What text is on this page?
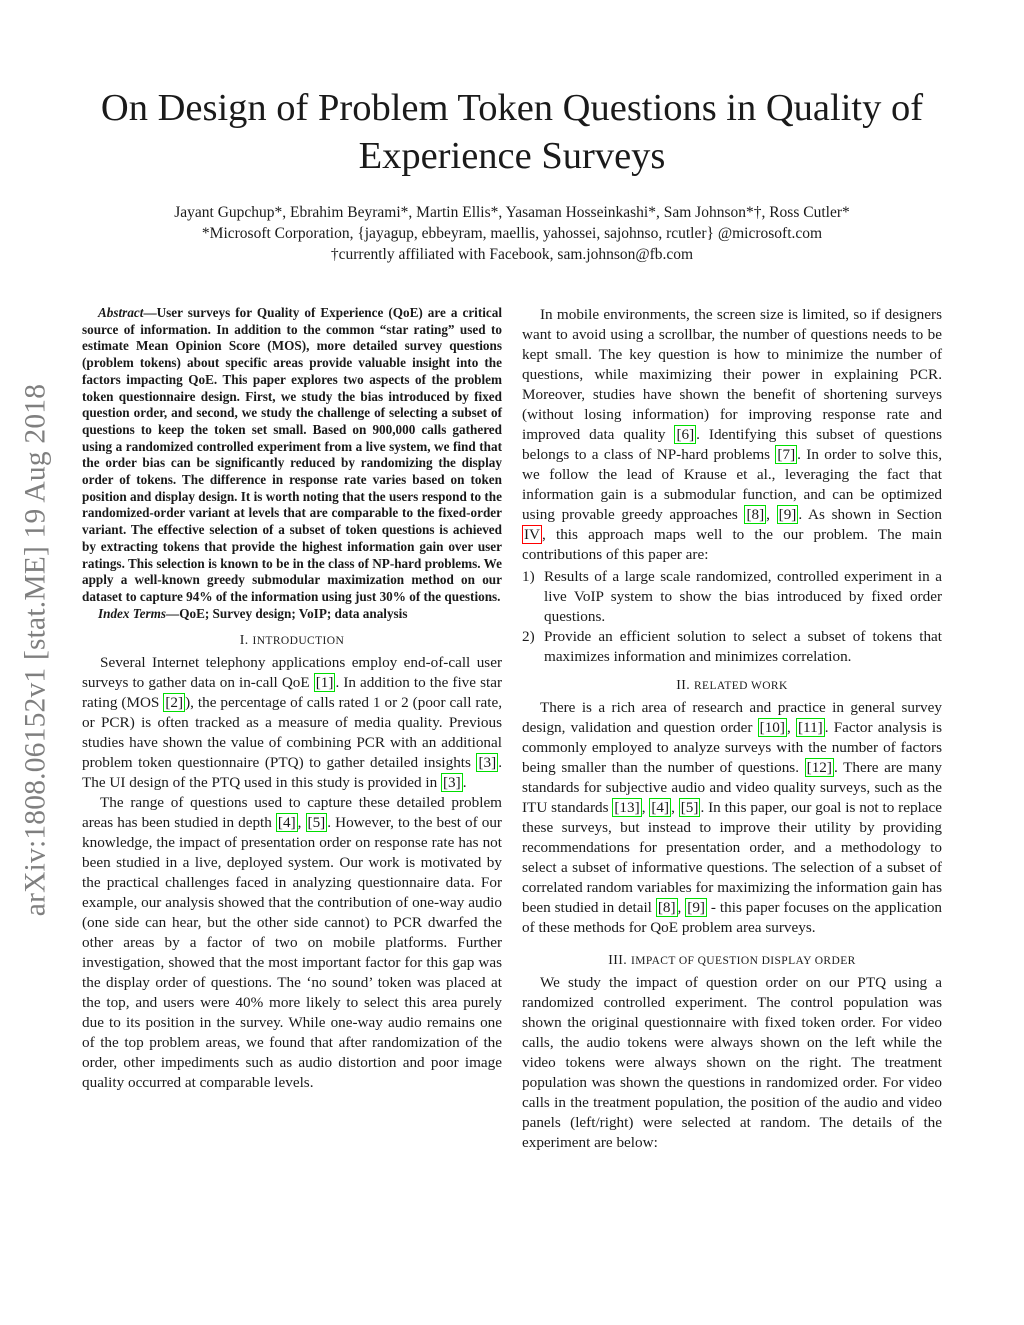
On Design of Problem Token Questions in Quality of Experience Surveys
Jayant Gupchup*, Ebrahim Beyrami*, Martin Ellis*, Yasaman Hosseinkashi*, Sam Johnson*†, Ross Cutler*
*Microsoft Corporation, {jayagup, ebbeyram, maellis, yahossei, sajohnso, rcutler} @microsoft.com
†currently affiliated with Facebook, sam.johnson@fb.com
arXiv:1808.06152v1 [stat.ME] 19 Aug 2018

Abstract—User surveys for Quality of Experience (QoE) are a critical source of information. In addition to the common “star rating” used to estimate Mean Opinion Score (MOS), more detailed survey questions (problem tokens) about specific areas provide valuable insight into the factors impacting QoE. This paper explores two aspects of the problem token questionnaire design. First, we study the bias introduced by fixed question order, and second, we study the challenge of selecting a subset of questions to keep the token set small. Based on 900,000 calls gathered using a randomized controlled experiment from a live system, we find that the order bias can be significantly reduced by randomizing the display order of tokens. The difference in response rate varies based on token position and display design. It is worth noting that the users respond to the randomized-order variant at levels that are comparable to the fixed-order variant. The effective selection of a subset of token questions is achieved by extracting tokens that provide the highest information gain over user ratings. This selection is known to be in the class of NP-hard problems. We apply a well-known greedy submodular maximization method on our dataset to capture 94% of the information using just 30% of the questions.

Index Terms—QoE; Survey design; VoIP; data analysis

I. INTRODUCTION

Several Internet telephony applications employ end-of-call user surveys to gather data on in-call QoE [1] . In addition to the five star rating (MOS [2] ), the percentage of calls rated 1 or 2 (poor call rate, or PCR) is often tracked as a measure of media quality. Previous studies have shown the value of combining PCR with an additional problem token questionnaire (PTQ) to gather detailed insights [3] . The UI design of the PTQ used in this study is provided in [3] .

The range of questions used to capture these detailed problem areas has been studied in depth [4] , [5] . However, to the best of our knowledge, the impact of presentation order on response rate has not been studied in a live, deployed system. Our work is motivated by the practical challenges faced in analyzing questionnaire data. For example, our analysis showed that the contribution of one-way audio (one side can hear, but the other side cannot) to PCR dwarfed the other areas by a factor of two on mobile platforms. Further investigation, showed that the most important factor for this gap was the display order of questions. The ‘no sound’ token was placed at the top, and users were 40% more likely to select this area purely due to its position in the survey. While one-way audio remains one of the top problem areas, we found that after randomization of the order, other impediments such as audio distortion and poor image quality occurred at comparable levels.

In mobile environments, the screen size is limited, so if designers want to avoid using a scrollbar, the number of questions needs to be kept small. The key question is how to minimize the number of questions, while maximizing their power in explaining PCR. Moreover, studies have shown the benefit of shortening surveys (without losing information) for improving response rate and improved data quality [6] . Identifying this subset of questions belongs to a class of NP-hard problems [7] . In order to solve this, we follow the lead of Krause et al., leveraging the fact that information gain is a submodular function, and can be optimized using provable greedy approaches [8] , [9] . As shown in Section IV , this approach maps well to the our problem. The main contributions of this paper are:

1) Results of a large scale randomized, controlled experiment in a live VoIP system to show the bias introduced by fixed order questions.
2) Provide an efficient solution to select a subset of tokens that maximizes information and minimizes correlation.
II. RELATED WORK

There is a rich area of research and practice in general survey design, validation and question order [10] , [11] . Factor analysis is commonly employed to analyze surveys with the number of factors being smaller than the number of questions. [12] . There are many standards for subjective audio and video quality surveys, such as the ITU standards [13] , [4] , [5] . In this paper, our goal is not to replace these surveys, but instead to improve their utility by providing recommendations for presentation order, and a methodology to select a subset of informative questions. The selection of a subset of correlated random variables for maximizing the information gain has been studied in detail [8] , [9] - this paper focuses on the application of these methods for QoE problem area surveys.

III. IMPACT OF QUESTION DISPLAY ORDER

We study the impact of question order on our PTQ using a randomized controlled experiment. The control population was shown the original questionnaire with fixed token order. For video calls, the audio tokens were always shown on the left while the video tokens were always shown on the right. The treatment population was shown the questions in randomized order. For video calls in the treatment population, the position of the audio and video panels (left/right) were selected at random. The details of the experiment are below:
